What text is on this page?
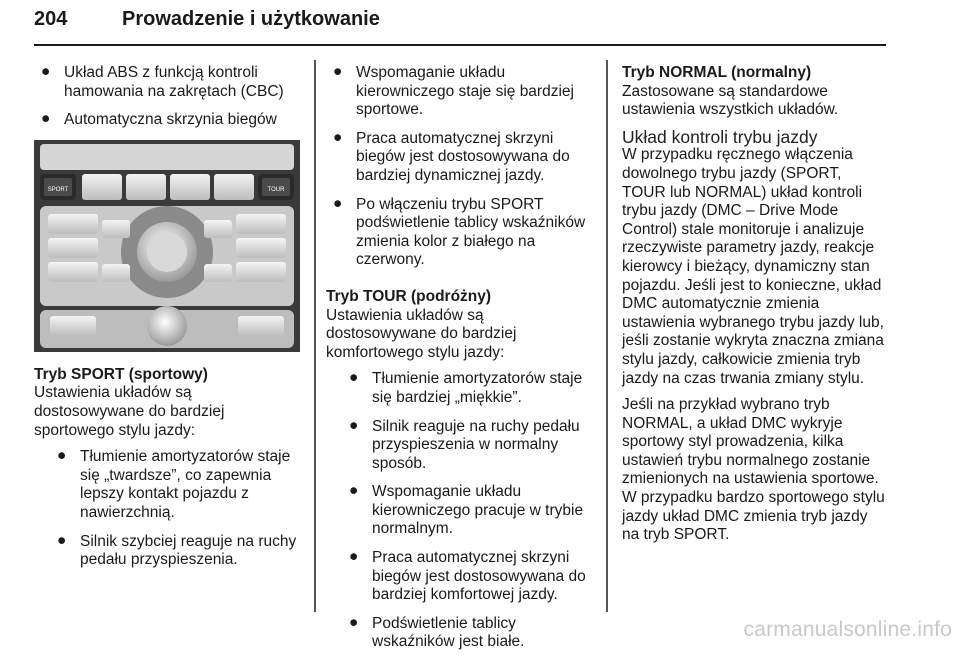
204	Prowadzenie i użytkowanie
● Układ ABS z funkcją kontroli hamowania na zakrętach (CBC)
● Automatyczna skrzynia biegów
SPORT	TOUR

Tryb SPORT (sportowy)

Ustawienia układów są dostosowywane do bardziej sportowego stylu jazdy:

● Tłumienie amortyzatorów staje się „twardsze”, co zapewnia lepszy kontakt pojazdu z nawierzchnią.
● Silnik szybciej reaguje na ruchy pedału przyspieszenia.
● Wspomaganie układu kierowniczego staje się bardziej sportowe.
● Praca automatycznej skrzyni biegów jest dostosowywana do bardziej dynamicznej jazdy.
● Po włączeniu trybu SPORT podświetlenie tablicy wskaźników zmienia kolor z białego na czerwony.

Tryb TOUR (podróżny)

Ustawienia układów są dostosowywane do bardziej komfortowego stylu jazdy:

● Tłumienie amortyzatorów staje się bardziej „miękkie”.
● Silnik reaguje na ruchy pedału przyspieszenia w normalny sposób.
● Wspomaganie układu kierowniczego pracuje w trybie normalnym.
● Praca automatycznej skrzyni biegów jest dostosowywana do bardziej komfortowej jazdy.
● Podświetlenie tablicy wskaźników jest białe.

Tryb NORMAL (normalny)

Zastosowane są standardowe ustawienia wszystkich układów.

Układ kontroli trybu jazdy

W przypadku ręcznego włączenia dowolnego trybu jazdy (SPORT, TOUR lub NORMAL) układ kontroli trybu jazdy (DMC – Drive Mode Control) stale monitoruje i analizuje rzeczywiste parametry jazdy, reakcje kierowcy i bieżący, dynamiczny stan pojazdu. Jeśli jest to konieczne, układ DMC automatycznie zmienia ustawienia wybranego trybu jazdy lub, jeśli zostanie wykryta znaczna zmiana stylu jazdy, całkowicie zmienia tryb jazdy na czas trwania zmiany stylu.

Jeśli na przykład wybrano tryb NORMAL, a układ DMC wykryje sportowy styl prowadzenia, kilka ustawień trybu normalnego zostanie zmienionych na ustawienia sportowe. W przypadku bardzo sportowego stylu jazdy układ DMC zmienia tryb jazdy na tryb SPORT.

carmanualsonline.info
